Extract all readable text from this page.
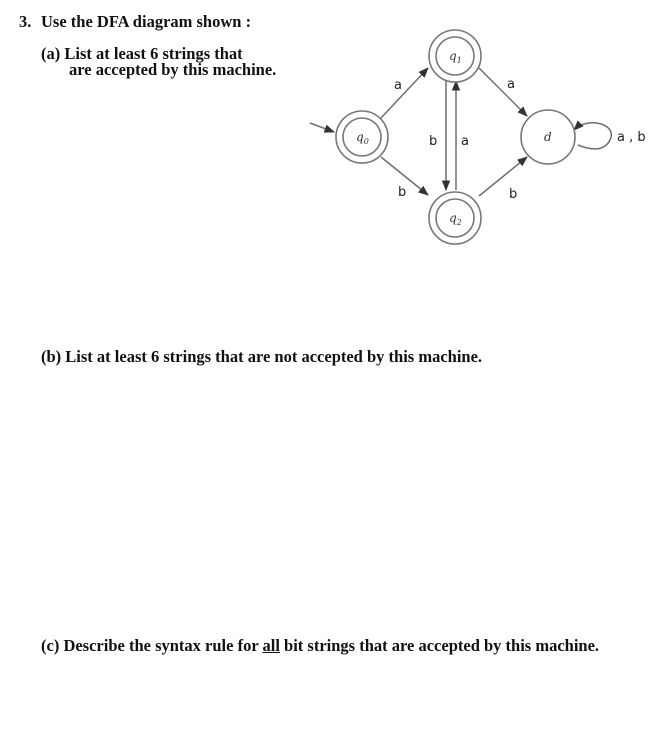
3. Use the DFA diagram shown :
(a) List at least 6 strings that
are accepted by this machine.
(b) List at least 6 strings that are not accepted by this machine.
(c) Describe the syntax rule for all bit strings that are accepted by this machine.
a
b
b a
a
b
a , b
$q_0$
$q_1$
$q_2$
d
